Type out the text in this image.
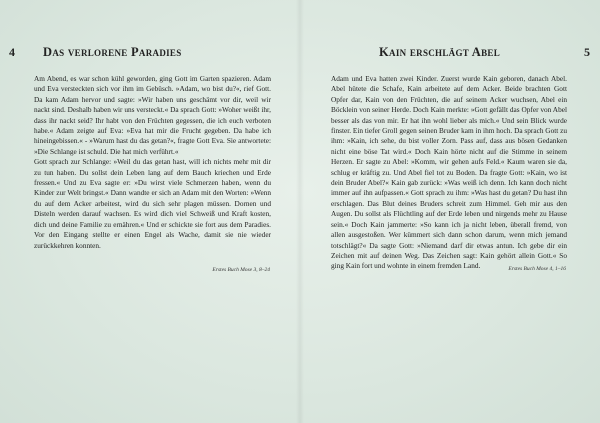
4 Das verlorene Paradies

Am Abend, es war schon kühl geworden, ging Gott im Garten spazieren. Adam und Eva versteckten sich vor ihm im Gebüsch. »Adam, wo bist du?«, rief Gott. Da kam Adam hervor und sagte: »Wir haben uns geschämt vor dir, weil wir nackt sind. Deshalb haben wir uns versteckt.« Da sprach Gott: »Woher weißt ihr, dass ihr nackt seid? Ihr habt von den Früchten gegessen, die ich euch verboten habe.« Adam zeigte auf Eva: »Eva hat mir die Frucht gegeben. Da habe ich hineingebissen.« - »Warum hast du das getan?«, fragte Gott Eva. Sie antwortete: »Die Schlange ist schuld. Die hat mich verführt.«

Gott sprach zur Schlange: »Weil du das getan hast, will ich nichts mehr mit dir zu tun haben. Du sollst dein Leben lang auf dem Bauch kriechen und Erde fressen.« Und zu Eva sagte er: »Du wirst viele Schmerzen haben, wenn du Kinder zur Welt bringst.« Dann wandte er sich an Adam mit den Worten: »Wenn du auf dem Acker arbeitest, wird du sich sehr plagen müssen. Dornen und Disteln werden darauf wachsen. Es wird dich viel Schweiß und Kraft kosten, dich und deine Familie zu ernähren.« Und er schickte sie fort aus dem Paradies. Vor den Eingang stellte er einen Engel als Wache, damit sie nie wieder zurückkehren konnten.

Erstes Buch Mose 3, 8–24
Kain erschlägt Abel	5

Adam und Eva hatten zwei Kinder. Zuerst wurde Kain geboren, danach Abel. Abel hütete die Schafe, Kain arbeitete auf dem Acker. Beide brachten Gott Opfer dar, Kain von den Früchten, die auf seinem Acker wuchsen, Abel ein Böcklein von seiner Herde. Doch Kain merkte: »Gott gefällt das Opfer von Abel besser als das von mir. Er hat ihn wohl lieber als mich.« Und sein Blick wurde finster. Ein tiefer Groll gegen seinen Bruder kam in ihm hoch. Da sprach Gott zu ihm: »Kain, ich sehe, du bist voller Zorn. Pass auf, dass aus bösen Gedanken nicht eine böse Tat wird.« Doch Kain hörte nicht auf die Stimme in seinem Herzen. Er sagte zu Abel: »Komm, wir gehen aufs Feld.« Kaum waren sie da, schlug er kräftig zu. Und Abel fiel tot zu Boden. Da fragte Gott: »Kain, wo ist dein Bruder Abel?« Kain gab zurück: »Was weiß ich denn. Ich kann doch nicht immer auf ihn aufpassen.« Gott sprach zu ihm: »Was hast du getan? Du hast ihn erschlagen. Das Blut deines Bruders schreit zum Himmel. Geh mir aus den Augen. Du sollst als Flüchtling auf der Erde leben und nirgends mehr zu Hause sein.« Doch Kain jammerte: »So kann ich ja nicht leben, überall fremd, von allen ausgestoßen. Wer kümmert sich dann schon darum, wenn mich jemand totschlägt?« Da sagte Gott: »Niemand darf dir etwas antun. Ich gebe dir ein Zeichen mit auf deinen Weg. Das Zeichen sagt: Kain gehört allein Gott.« So ging Kain fort und wohnte in einem fremden Land.	Erstes Buch Mose 4, 1–16
